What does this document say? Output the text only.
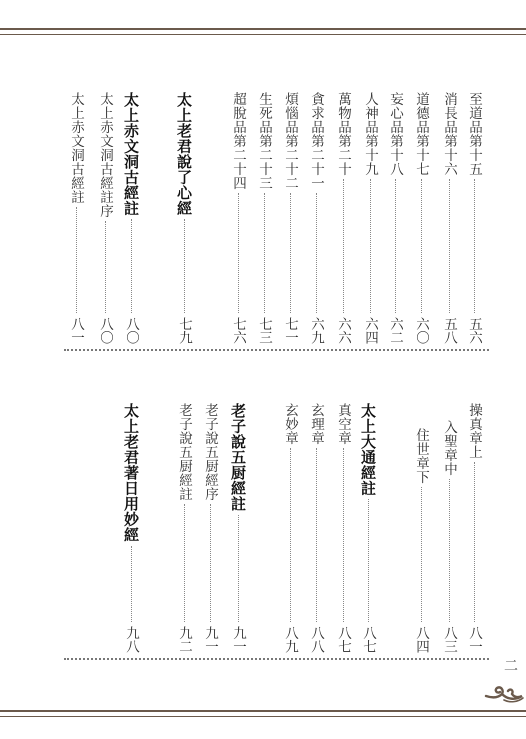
至道品第十五
五六
消長品第十六
五八
道德品第十七
六〇
妄心品第十八
六二
人神品第十九
六四
萬物品第二十
六六
貪求品第二十一
六九
煩惱品第二十二
七一
生死品第二十三
七三
超脫品第二十四
七六
太上老君說了心經
七九
太上赤文洞古經註
八〇
太上赤文洞古經註序
八〇
太上赤文洞古經註
八一
操真章上
八一
入聖章中
八三
住世章下
八四
太上大通經註
八七
真空章
八七
玄理章
八八
玄妙章
八九
老子說五厨經註
九一
老子說五厨經序
九一
老子說五厨經註
九二
太上老君著日用妙經
九八
二
